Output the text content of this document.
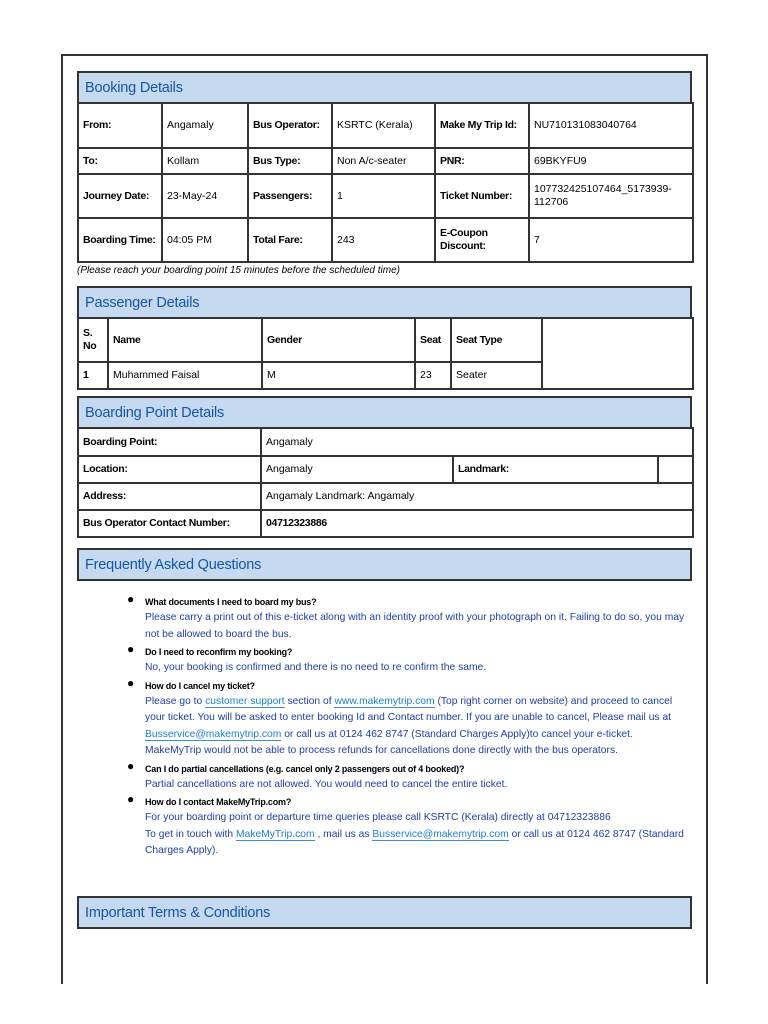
Booking Details
From:	Angamaly	Bus Operator:	KSRTC (Kerala)	Make My Trip Id:	NU710131083040764
To:	Kollam	Bus Type:	Non A/c-seater	PNR:	69BKYFU9
Journey Date:	23-May-24	Passengers:	1	Ticket Number:	107732425107464_5173939-112706
Boarding Time:	04:05 PM	Total Fare:	243	E-Coupon Discount:	7
(Please reach your boarding point 15 minutes before the scheduled time)
Passenger Details
S. No	Name	Gender	Seat	Seat Type	
1	Muhammed Faisal	M	23	Seater	
Boarding Point Details
Boarding Point:	Angamaly		
Location:	Angamaly	Landmark:	
Address:	Angamaly Landmark: Angamaly		
Bus Operator Contact Number:	04712323886		
Frequently Asked Questions
● What documents I need to board my bus?
Please carry a print out of this e-ticket along with an identity proof with your photograph on it. Failing to do so, you may not be allowed to board the bus.
● Do I need to reconfirm my booking?
No, your booking is confirmed and there is no need to re confirm the same.
● How do I cancel my ticket?
Please go to customer support section of www.makemytrip.com (Top right corner on website) and proceed to cancel your ticket. You will be asked to enter booking Id and Contact number. If you are unable to cancel, Please mail us at Busservice@makemytrip.com or call us at 0124 462 8747 (Standard Charges Apply)to cancel your e-ticket.
MakeMyTrip would not be able to process refunds for cancellations done directly with the bus operators.
● Can I do partial cancellations (e.g. cancel only 2 passengers out of 4 booked)?
Partial cancellations are not allowed. You would need to cancel the entire ticket.
● How do I contact MakeMyTrip.com?
For your boarding point or departure time queries please call KSRTC (Kerala) directly at 04712323886
To get in touch with MakeMyTrip.com , mail us as Busservice@makemytrip.com or call us at 0124 462 8747 (Standard Charges Apply).
Important Terms & Conditions
